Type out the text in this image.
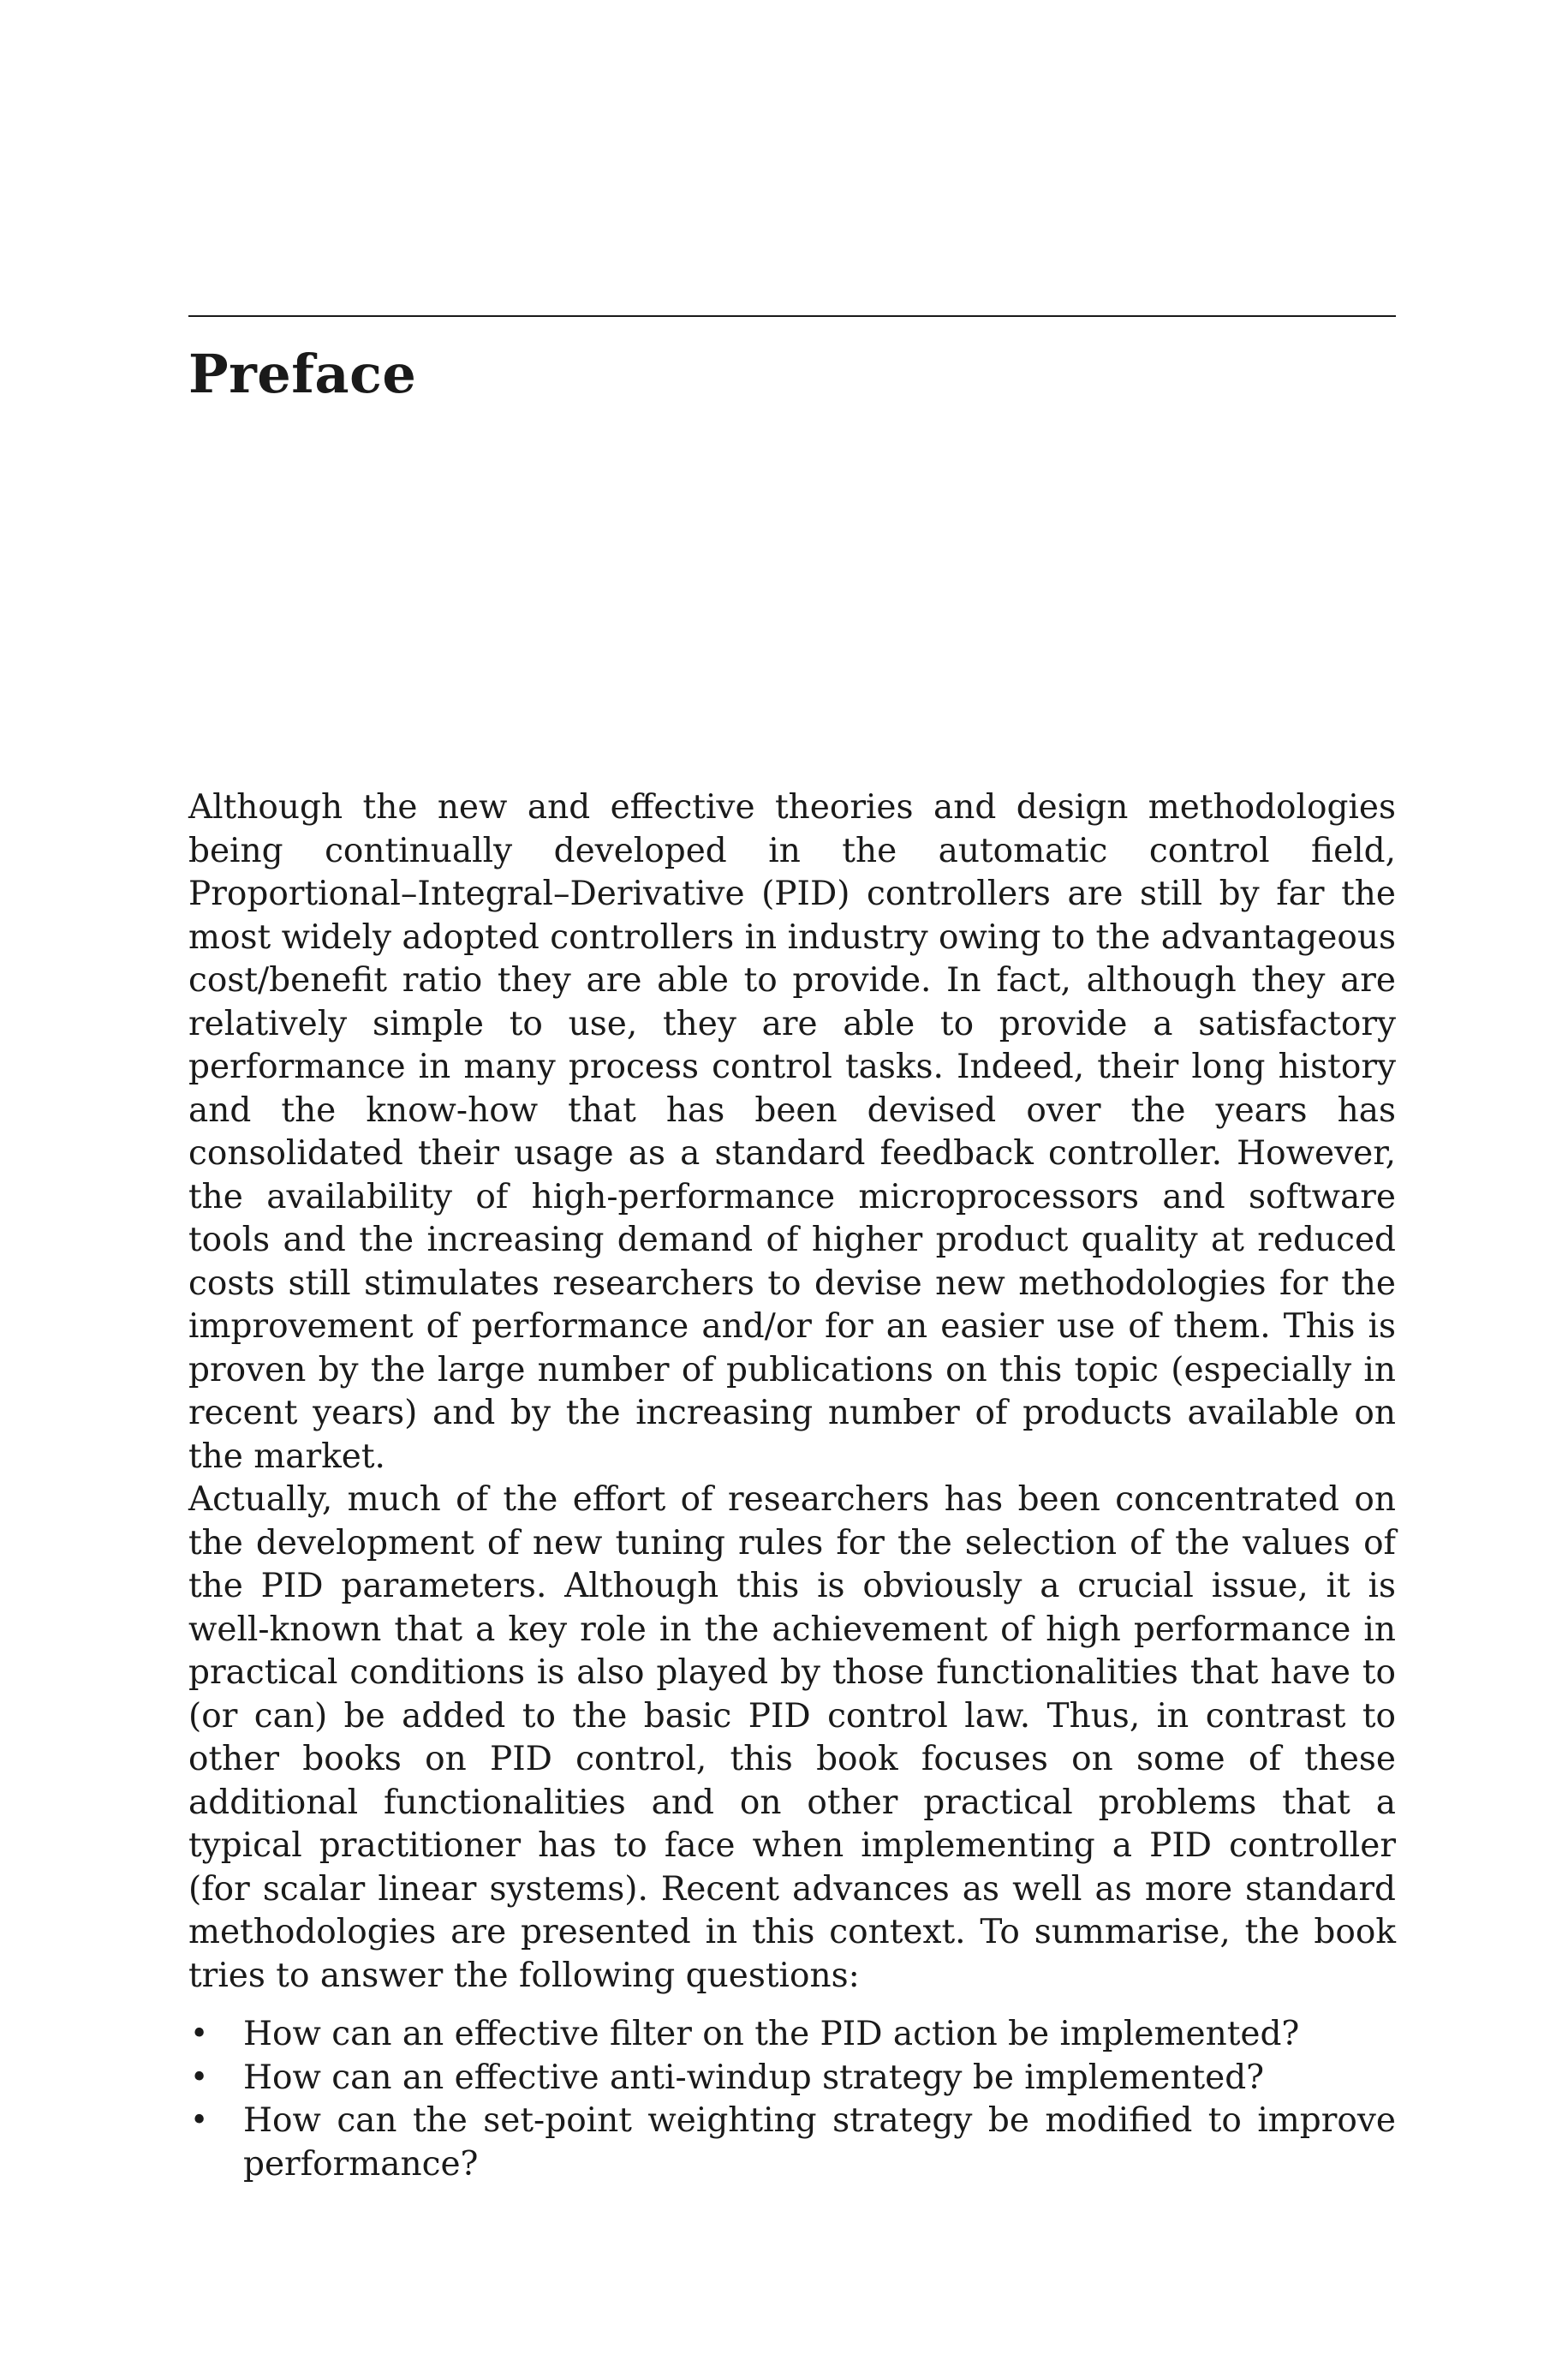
Preface

Although the new and effective theories and design methodologies being continually developed in the automatic control field, Proportional–Integral–Derivative (PID) controllers are still by far the most widely adopted controllers in industry owing to the advantageous cost/benefit ratio they are able to provide. In fact, although they are relatively simple to use, they are able to provide a satisfactory performance in many process control tasks. Indeed, their long history and the know-how that has been devised over the years has consolidated their usage as a standard feedback controller. However, the availability of high-performance microprocessors and software tools and the increasing demand of higher product quality at reduced costs still stimulates researchers to devise new methodologies for the improvement of performance and/or for an easier use of them. This is proven by the large number of publications on this topic (especially in recent years) and by the increasing number of products available on the market.

Actually, much of the effort of researchers has been concentrated on the development of new tuning rules for the selection of the values of the PID parameters. Although this is obviously a crucial issue, it is well-known that a key role in the achievement of high performance in practical conditions is also played by those functionalities that have to (or can) be added to the basic PID control law. Thus, in contrast to other books on PID control, this book focuses on some of these additional functionalities and on other practical problems that a typical practitioner has to face when implementing a PID controller (for scalar linear systems). Recent advances as well as more standard methodologies are presented in this context. To summarise, the book tries to answer the following questions:

• How can an effective filter on the PID action be implemented?
• How can an effective anti-windup strategy be implemented?
• How can the set-point weighting strategy be modified to improve performance?
